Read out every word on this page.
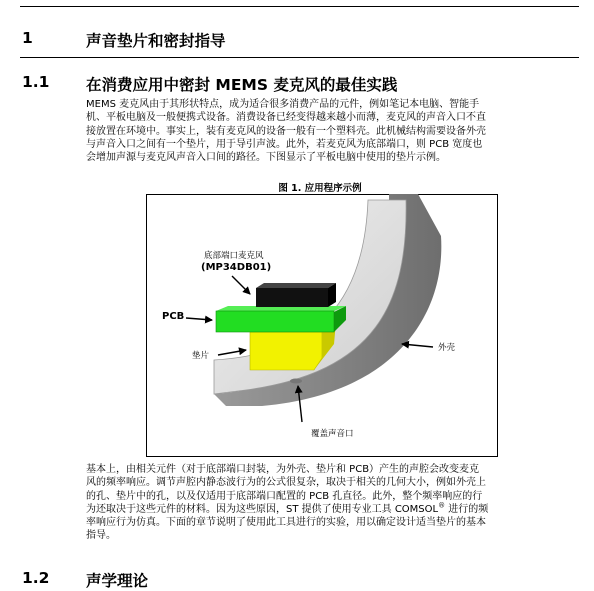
1	声音垫片和密封指导
1.1 在消费应用中密封 MEMS 麦克风的最佳实践
MEMS 麦克风由于其形状特点，成为适合很多消费产品的元件，例如笔记本电脑、智能手
机、平板电脑及一般便携式设备。消费设备已经变得越来越小而薄，麦克风的声音入口不直
接放置在环境中。事实上，装有麦克风的设备一般有一个塑料壳。此机械结构需要设备外壳
与声音入口之间有一个垫片，用于导引声波。此外，若麦克风为底部端口，则 PCB 宽度也
会增加声源与麦克风声音入口间的路径。下图显示了平板电脑中使用的垫片示例。
图 1. 应用程序示例
底部端口麦克风
(MP34DB01)
PCB
垫片
外壳
覆盖声音口
基本上，由相关元件（对于底部端口封装，为外壳、垫片和 PCB）产生的声腔会改变麦克
风的频率响应。调节声腔内静态波行为的公式很复杂，取决于相关的几何大小，例如外壳上
的孔、垫片中的孔，以及仅适用于底部端口配置的 PCB 孔直径。此外，整个频率响应的行
为还取决于这些元件的材料。因为这些原因，ST 提供了使用专业工具 COMSOL® 进行的频
率响应行为仿真。下面的章节说明了使用此工具进行的实验，用以确定设计适当垫片的基本
指导。
1.2 声学理论
